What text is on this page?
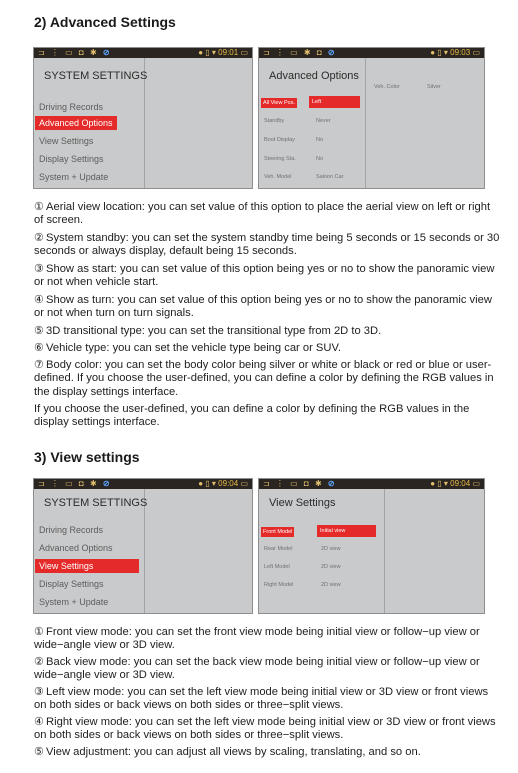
2) Advanced Settings
⊐ ⋮ ▭ ◘ ✱ ⊘	● ▯ ▾ 09:01 ▭
SYSTEM SETTINGS
Driving Records
Advanced Options
View Settings
Display Settings
System + Update
⊐ ⋮ ▭ ✱ ◘ ⊘	● ▯ ▾ 09:03 ▭
Advanced Options
All View Pos.	Left
Standby	Never
Boot Display	No
Steering Sta.	No
Veh. Model	Saloon Car
Veh. Color	Silver
① Aerial view location: you can set value of this option to place the aerial view on left or right of screen.
② System standby: you can set the system standby time being 5 seconds or 15 seconds or 30 seconds or always display, default being 15 seconds.
③ Show as start: you can set value of this option being yes or no to show the panoramic view or not when vehicle start.
④ Show as turn: you can set value of this option being yes or no to show the panoramic view or not when turn on turn signals.
⑤ 3D transitional type: you can set the transitional type from 2D to 3D.
⑥ Vehicle type: you can set the vehicle type being car or SUV.
⑦ Body color: you can set the body color being silver or white or black or red or blue or user-defined. If you choose the user-defined, you can define a color by defining the RGB values in the display settings interface.
If you choose the user-defined, you can define a color by defining the RGB values in the display settings interface.
3) View settings
⊐ ⋮ ▭ ◘ ✱ ⊘	● ▯ ▾ 09:04 ▭
SYSTEM SETTINGS
Driving Records
Advanced Options
View Settings
Display Settings
System + Update
⊐ ⋮ ▭ ◘ ✱ ⊘	● ▯ ▾ 09:04 ▭
View Settings
Front Model	Initial view
Rear Model	2D view
Left Model	2D view
Right Model	2D view
① Front view mode: you can set the front view mode being initial view or follow−up view or wide−angle view or 3D view.
② Back view mode: you can set the back view mode being initial view or follow−up view or wide−angle view or 3D view.
③ Left view mode: you can set the left view mode being initial view or 3D view or front views on both sides or back views on both sides or three−split views.
④ Right view mode: you can set the left view mode being initial view or 3D view or front views on both sides or back views on both sides or three−split views.
⑤ View adjustment: you can adjust all views by scaling, translating, and so on.
